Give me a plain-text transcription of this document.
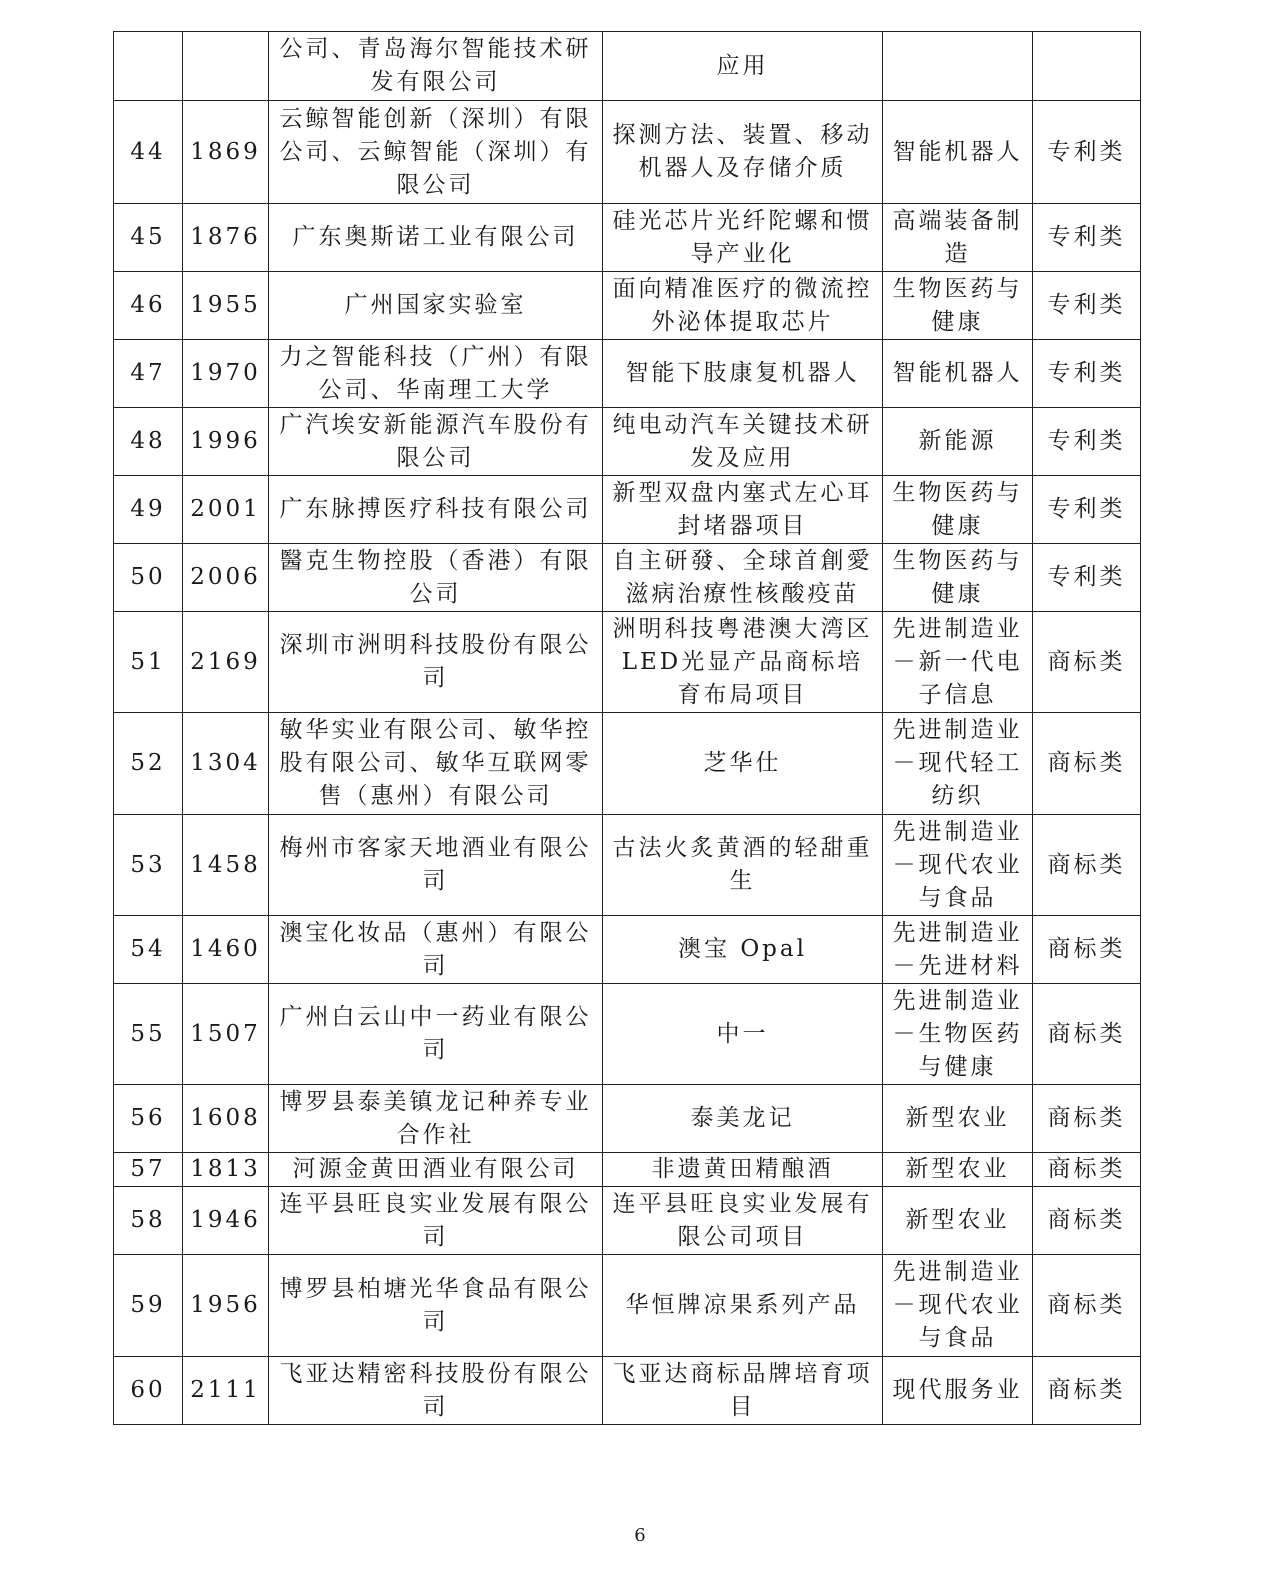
		公司、青岛海尔智能技术研发有限公司	应用		
44	1869	云鲸智能创新（深圳）有限公司、云鲸智能（深圳）有限公司	探测方法、装置、移动机器人及存储介质	智能机器人	专利类
45	1876	广东奥斯诺工业有限公司	硅光芯片光纤陀螺和惯导产业化	高端装备制造	专利类
46	1955	广州国家实验室	面向精准医疗的微流控外泌体提取芯片	生物医药与健康	专利类
47	1970	力之智能科技（广州）有限公司、华南理工大学	智能下肢康复机器人	智能机器人	专利类
48	1996	广汽埃安新能源汽车股份有限公司	纯电动汽车关键技术研发及应用	新能源	专利类
49	2001	广东脉搏医疗科技有限公司	新型双盘内塞式左心耳封堵器项目	生物医药与健康	专利类
50	2006	醫克生物控股（香港）有限公司	自主研發、全球首創愛滋病治療性核酸疫苗	生物医药与健康	专利类
51	2169	深圳市洲明科技股份有限公司	洲明科技粤港澳大湾区LED光显产品商标培育布局项目	先进制造业－新一代电子信息	商标类
52	1304	敏华实业有限公司、敏华控股有限公司、敏华互联网零售（惠州）有限公司	芝华仕	先进制造业－现代轻工纺织	商标类
53	1458	梅州市客家天地酒业有限公司	古法火炙黄酒的轻甜重生	先进制造业－现代农业与食品	商标类
54	1460	澳宝化妆品（惠州）有限公司	澳宝 Opal	先进制造业－先进材料	商标类
55	1507	广州白云山中一药业有限公司	中一	先进制造业－生物医药与健康	商标类
56	1608	博罗县泰美镇龙记种养专业合作社	泰美龙记	新型农业	商标类
57	1813	河源金黄田酒业有限公司	非遗黄田精酿酒	新型农业	商标类
58	1946	连平县旺良实业发展有限公司	连平县旺良实业发展有限公司项目	新型农业	商标类
59	1956	博罗县柏塘光华食品有限公司	华恒牌凉果系列产品	先进制造业－现代农业与食品	商标类
60	2111	飞亚达精密科技股份有限公司	飞亚达商标品牌培育项目	现代服务业	商标类
6
